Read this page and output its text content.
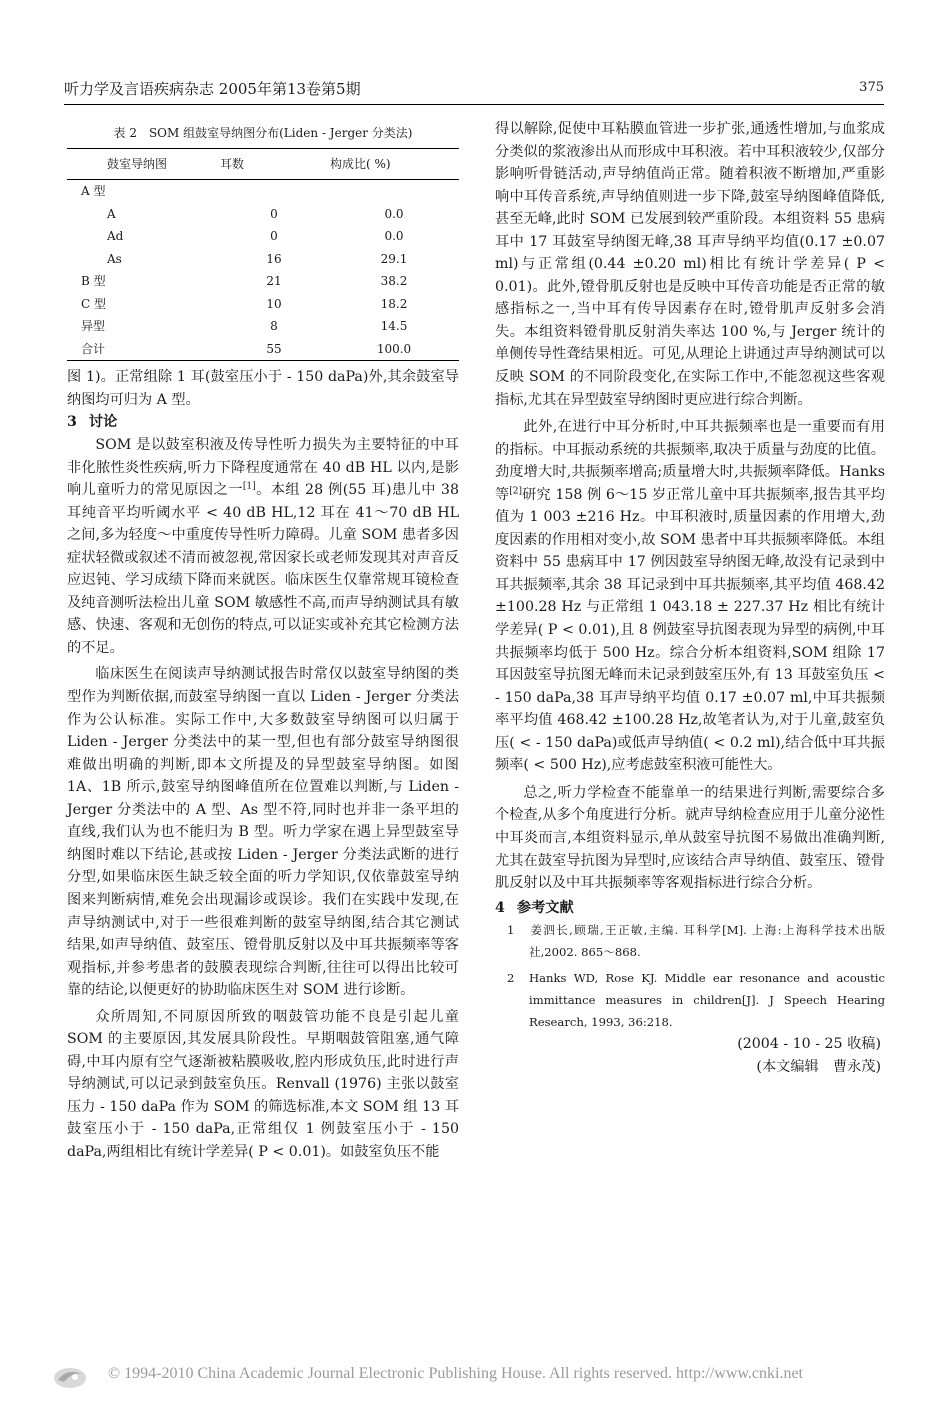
听力学及言语疾病杂志 2005年第13卷第5期	375
表 2　SOM 组鼓室导纳图分布(Liden - Jerger 分类法)
鼓室导纳图	耳数	构成比( %)
A 型		
A	0	0.0
Ad	0	0.0
As	16	29.1
B 型	21	38.2
C 型	10	18.2
异型	8	14.5
合计	55	100.0

图 1)。正常组除 1 耳(鼓室压小于 - 150 daPa)外,其余鼓室导纳图均可归为 A 型。

3 讨论

SOM 是以鼓室积液及传导性听力损失为主要特征的中耳非化脓性炎性疾病,听力下降程度通常在 40 dB HL 以内,是影响儿童听力的常见原因之一[1]。本组 28 例(55 耳)患儿中 38 耳纯音平均听阈水平 < 40 dB HL,12 耳在 41～70 dB HL 之间,多为轻度～中重度传导性听力障碍。儿童 SOM 患者多因症状轻微或叙述不清而被忽视,常因家长或老师发现其对声音反应迟钝、学习成绩下降而来就医。临床医生仅靠常规耳镜检查及纯音测听法检出儿童 SOM 敏感性不高,而声导纳测试具有敏感、快速、客观和无创伤的特点,可以证实或补充其它检测方法的不足。

临床医生在阅读声导纳测试报告时常仅以鼓室导纳图的类型作为判断依据,而鼓室导纳图一直以 Liden - Jerger 分类法作为公认标准。实际工作中,大多数鼓室导纳图可以归属于 Liden - Jerger 分类法中的某一型,但也有部分鼓室导纳图很难做出明确的判断,即本文所提及的异型鼓室导纳图。如图 1A、1B 所示,鼓室导纳图峰值所在位置难以判断,与 Liden - Jerger 分类法中的 A 型、As 型不符,同时也并非一条平坦的直线,我们认为也不能归为 B 型。听力学家在遇上异型鼓室导纳图时难以下结论,甚或按 Liden - Jerger 分类法武断的进行分型,如果临床医生缺乏较全面的听力学知识,仅依靠鼓室导纳图来判断病情,难免会出现漏诊或误诊。我们在实践中发现,在声导纳测试中,对于一些很难判断的鼓室导纳图,结合其它测试结果,如声导纳值、鼓室压、镫骨肌反射以及中耳共振频率等客观指标,并参考患者的鼓膜表现综合判断,往往可以得出比较可靠的结论,以便更好的协助临床医生对 SOM 进行诊断。

众所周知,不同原因所致的咽鼓管功能不良是引起儿童 SOM 的主要原因,其发展具阶段性。早期咽鼓管阻塞,通气障碍,中耳内原有空气逐渐被粘膜吸收,腔内形成负压,此时进行声导纳测试,可以记录到鼓室负压。Renvall (1976) 主张以鼓室压力 - 150 daPa 作为 SOM 的筛选标准,本文 SOM 组 13 耳鼓室压小于 - 150 daPa,正常组仅 1 例鼓室压小于 - 150 daPa,两组相比有统计学差异( P < 0.01)。如鼓室负压不能

得以解除,促使中耳粘膜血管进一步扩张,通透性增加,与血浆成分类似的浆液渗出从而形成中耳积液。若中耳积液较少,仅部分影响听骨链活动,声导纳值尚正常。随着积液不断增加,严重影响中耳传音系统,声导纳值则进一步下降,鼓室导纳图峰值降低,甚至无峰,此时 SOM 已发展到较严重阶段。本组资料 55 患病耳中 17 耳鼓室导纳图无峰,38 耳声导纳平均值(0.17 ±0.07 ml)与正常组(0.44 ±0.20 ml)相比有统计学差异( P < 0.01)。此外,镫骨肌反射也是反映中耳传音功能是否正常的敏感指标之一,当中耳有传导因素存在时,镫骨肌声反射多会消失。本组资料镫骨肌反射消失率达 100 %,与 Jerger 统计的单侧传导性聋结果相近。可见,从理论上讲通过声导纳测试可以反映 SOM 的不同阶段变化,在实际工作中,不能忽视这些客观指标,尤其在异型鼓室导纳图时更应进行综合判断。

此外,在进行中耳分析时,中耳共振频率也是一重要而有用的指标。中耳振动系统的共振频率,取决于质量与劲度的比值。劲度增大时,共振频率增高;质量增大时,共振频率降低。Hanks 等[2]研究 158 例 6～15 岁正常儿童中耳共振频率,报告其平均值为 1 003 ±216 Hz。中耳积液时,质量因素的作用增大,劲度因素的作用相对变小,故 SOM 患者中耳共振频率降低。本组资料中 55 患病耳中 17 例因鼓室导纳图无峰,故没有记录到中耳共振频率,其余 38 耳记录到中耳共振频率,其平均值 468.42 ±100.28 Hz 与正常组 1 043.18 ± 227.37 Hz 相比有统计学差异( P < 0.01),且 8 例鼓室导抗图表现为异型的病例,中耳共振频率均低于 500 Hz。综合分析本组资料,SOM 组除 17 耳因鼓室导抗图无峰而未记录到鼓室压外,有 13 耳鼓室负压 < - 150 daPa,38 耳声导纳平均值 0.17 ±0.07 ml,中耳共振频率平均值 468.42 ±100.28 Hz,故笔者认为,对于儿童,鼓室负压( < - 150 daPa)或低声导纳值( < 0.2 ml),结合低中耳共振频率( < 500 Hz),应考虑鼓室积液可能性大。

总之,听力学检查不能靠单一的结果进行判断,需要综合多个检查,从多个角度进行分析。就声导纳检查应用于儿童分泌性中耳炎而言,本组资料显示,单从鼓室导抗图不易做出准确判断,尤其在鼓室导抗图为异型时,应该结合声导纳值、鼓室压、镫骨肌反射以及中耳共振频率等客观指标进行综合分析。

4 参考文献

1 姜泗长,顾瑞,王正敏,主编. 耳科学[M]. 上海:上海科学技术出版社,2002. 865～868.

2 Hanks WD, Rose KJ. Middle ear resonance and acoustic immittance measures in children[J]. J Speech Hearing Research, 1993, 36:218.

(2004 - 10 - 25 收稿)

(本文编辑　曹永茂)

© 1994-2010 China Academic Journal Electronic Publishing House. All rights reserved. http://www.cnki.net
